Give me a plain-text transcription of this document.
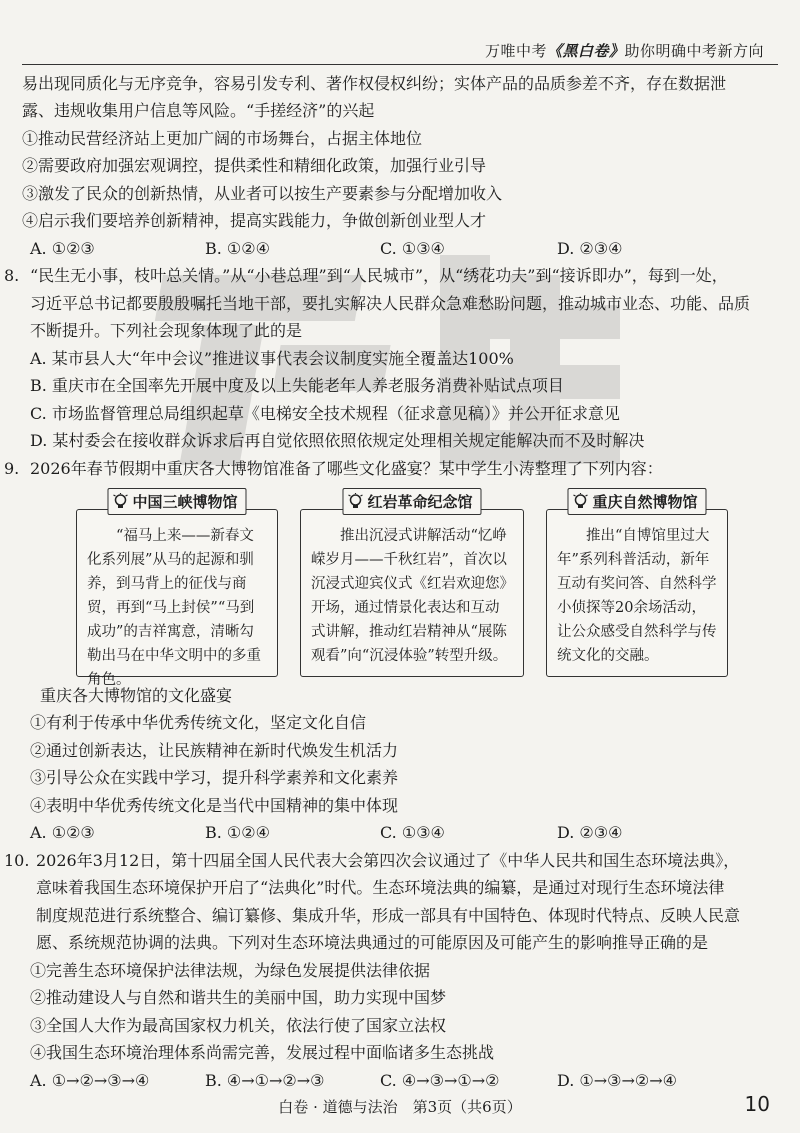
万唯中考《黑白卷》助你明确中考新方向
易出现同质化与无序竞争，容易引发专利、著作权侵权纠纷；实体产品的品质参差不齐，存在数据泄
露、违规收集用户信息等风险。“手搓经济”的兴起
①推动民营经济站上更加广阔的市场舞台，占据主体地位
②需要政府加强宏观调控，提供柔性和精细化政策，加强行业引导
③激发了民众的创新热情，从业者可以按生产要素参与分配增加收入
④启示我们要培养创新精神，提高实践能力，争做创新创业型人才
A. ①②③	B. ①②④	C. ①③④	D. ②③④
8. “民生无小事，枝叶总关情。”从“小巷总理”到“人民城市”，从“绣花功夫”到“接诉即办”，每到一处，
习近平总书记都要殷殷嘱托当地干部，要扎实解决人民群众急难愁盼问题，推动城市业态、功能、品质
不断提升。下列社会现象体现了此的是
A. 某市县人大“年中会议”推进议事代表会议制度实施全覆盖达100%
B. 重庆市在全国率先开展中度及以上失能老年人养老服务消费补贴试点项目
C. 市场监督管理总局组织起草《电梯安全技术规程（征求意见稿）》并公开征求意见
D. 某村委会在接收群众诉求后再自觉依照依照依规定处理相关规定能解决而不及时解决
9. 2026年春节假期中重庆各大博物馆准备了哪些文化盛宴？某中学生小涛整理了下列内容：
中国三峡博物馆
“福马上来——新春文化系列展”从马的起源和驯养，到马背上的征伐与商贸，再到“马上封侯”“马到成功”的吉祥寓意，清晰勾勒出马在中华文明中的多重角色。
红岩革命纪念馆
推出沉浸式讲解活动“忆峥嵘岁月——千秋红岩”，首次以沉浸式迎宾仪式《红岩欢迎您》开场，通过情景化表达和互动式讲解，推动红岩精神从“展陈观看”向“沉浸体验”转型升级。
重庆自然博物馆
推出“自博馆里过大年”系列科普活动，新年互动有奖问答、自然科学小侦探等20余场活动，让公众感受自然科学与传统文化的交融。
重庆各大博物馆的文化盛宴
①有利于传承中华优秀传统文化，坚定文化自信
②通过创新表达，让民族精神在新时代焕发生机活力
③引导公众在实践中学习，提升科学素养和文化素养
④表明中华优秀传统文化是当代中国精神的集中体现
A. ①②③	B. ①②④	C. ①③④	D. ②③④
10. 2026年3月12日，第十四届全国人民代表大会第四次会议通过了《中华人民共和国生态环境法典》，
意味着我国生态环境保护开启了“法典化”时代。生态环境法典的编纂，是通过对现行生态环境法律
制度规范进行系统整合、编订纂修、集成升华，形成一部具有中国特色、体现时代特点、反映人民意
愿、系统规范协调的法典。下列对生态环境法典通过的可能原因及可能产生的影响推导正确的是
①完善生态环境保护法律法规，为绿色发展提供法律依据
②推动建设人与自然和谐共生的美丽中国，助力实现中国梦
③全国人大作为最高国家权力机关，依法行使了国家立法权
④我国生态环境治理体系尚需完善，发展过程中面临诸多生态挑战
A. ①→②→③→④	B. ④→①→②→③	C. ④→③→①→②	D. ①→③→②→④
白卷 · 道德与法治　第3页（共6页）	10
